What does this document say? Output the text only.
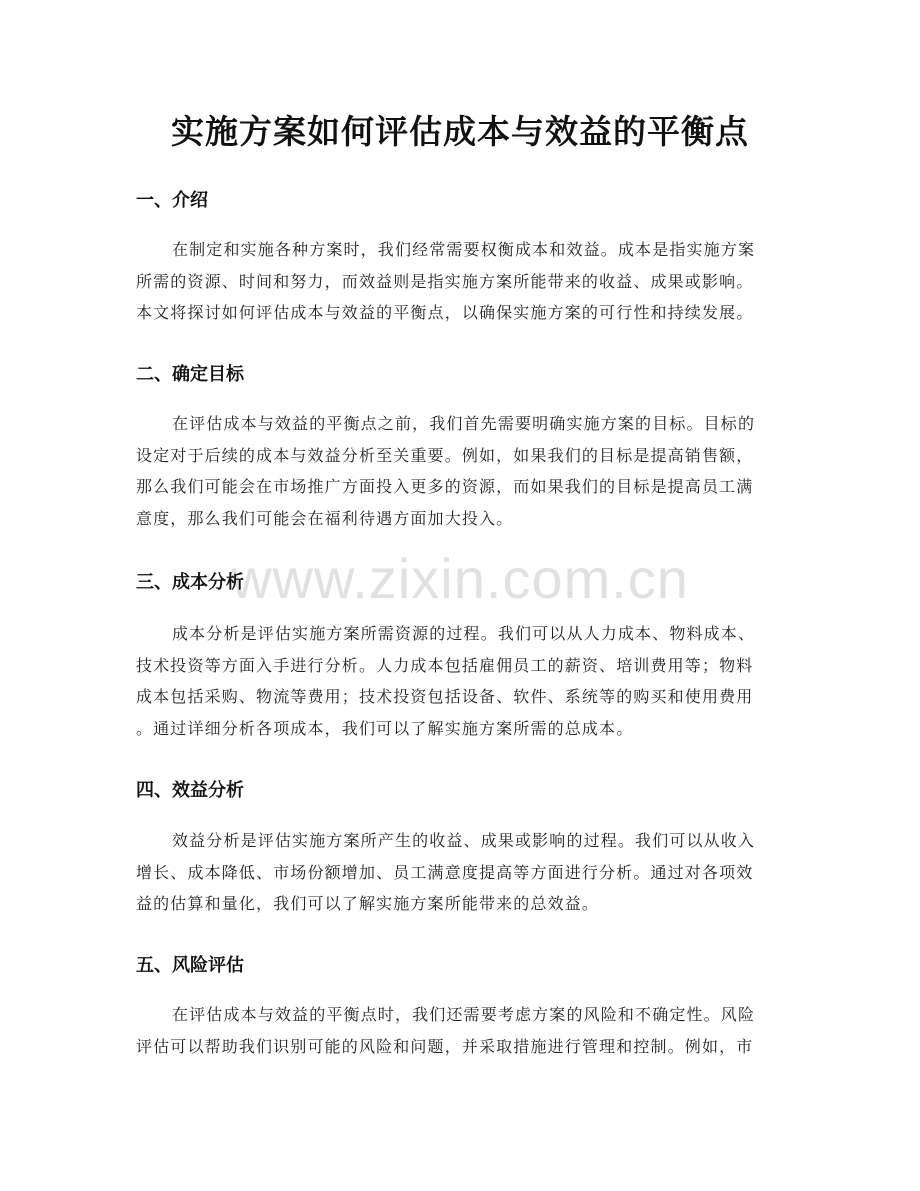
www.zixin.com.cn
实施方案如何评估成本与效益的平衡点
一、介绍

在制定和实施各种方案时，我们经常需要权衡成本和效益。成本是指实施方案
所需的资源、时间和努力，而效益则是指实施方案所能带来的收益、成果或影响。
本文将探讨如何评估成本与效益的平衡点，以确保实施方案的可行性和持续发展。

二、确定目标

在评估成本与效益的平衡点之前，我们首先需要明确实施方案的目标。目标的
设定对于后续的成本与效益分析至关重要。例如，如果我们的目标是提高销售额，
那么我们可能会在市场推广方面投入更多的资源，而如果我们的目标是提高员工满
意度，那么我们可能会在福利待遇方面加大投入。

三、成本分析

成本分析是评估实施方案所需资源的过程。我们可以从人力成本、物料成本、
技术投资等方面入手进行分析。人力成本包括雇佣员工的薪资、培训费用等；物料
成本包括采购、物流等费用；技术投资包括设备、软件、系统等的购买和使用费用
。通过详细分析各项成本，我们可以了解实施方案所需的总成本。

四、效益分析

效益分析是评估实施方案所产生的收益、成果或影响的过程。我们可以从收入
增长、成本降低、市场份额增加、员工满意度提高等方面进行分析。通过对各项效
益的估算和量化，我们可以了解实施方案所能带来的总效益。

五、风险评估

在评估成本与效益的平衡点时，我们还需要考虑方案的风险和不确定性。风险
评估可以帮助我们识别可能的风险和问题，并采取措施进行管理和控制。例如，市
